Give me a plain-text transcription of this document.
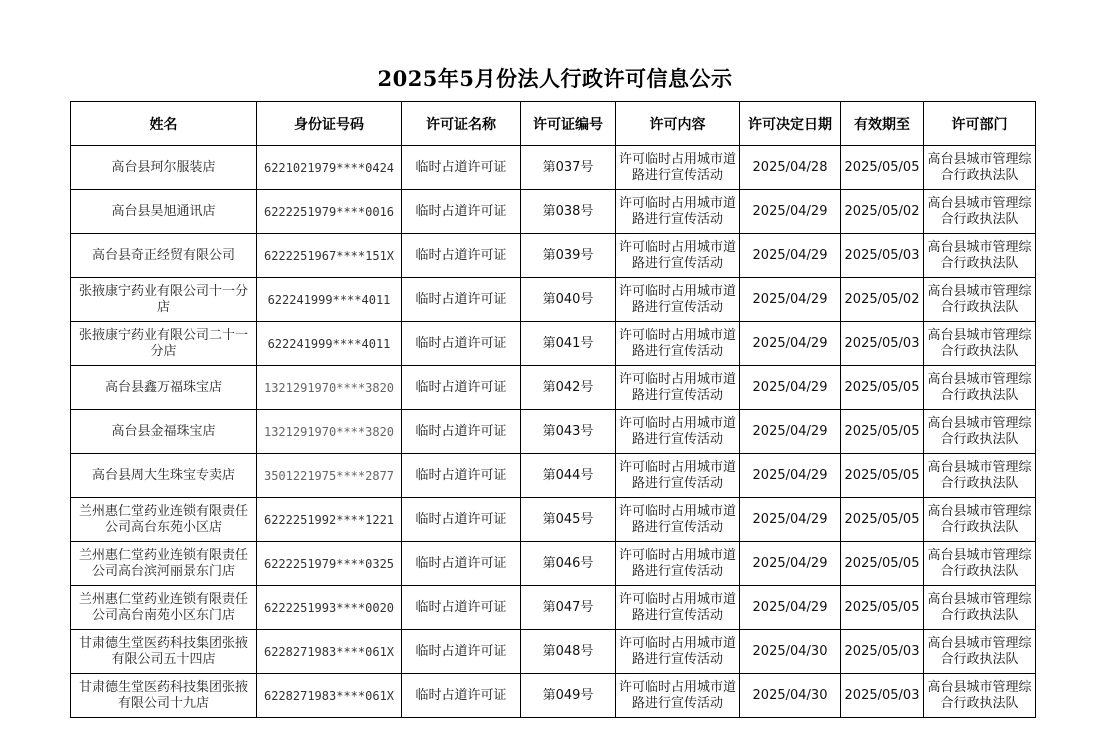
2025年5月份法人行政许可信息公示
姓名	身份证号码	许可证名称	许可证编号	许可内容	许可决定日期	有效期至	许可部门
高台县珂尔服装店	6221021979****0424	临时占道许可证	第037号	许可临时占用城市道路进行宣传活动	2025/04/28	2025/05/05	高台县城市管理综合行政执法队
高台县昊旭通讯店	6222251979****0016	临时占道许可证	第038号	许可临时占用城市道路进行宣传活动	2025/04/29	2025/05/02	高台县城市管理综合行政执法队
高台县奇正经贸有限公司	6222251967****151X	临时占道许可证	第039号	许可临时占用城市道路进行宣传活动	2025/04/29	2025/05/03	高台县城市管理综合行政执法队
张掖康宁药业有限公司十一分店	622241999****4011	临时占道许可证	第040号	许可临时占用城市道路进行宣传活动	2025/04/29	2025/05/02	高台县城市管理综合行政执法队
张掖康宁药业有限公司二十一分店	622241999****4011	临时占道许可证	第041号	许可临时占用城市道路进行宣传活动	2025/04/29	2025/05/03	高台县城市管理综合行政执法队
高台县鑫万福珠宝店	1321291970****3820	临时占道许可证	第042号	许可临时占用城市道路进行宣传活动	2025/04/29	2025/05/05	高台县城市管理综合行政执法队
高台县金福珠宝店	1321291970****3820	临时占道许可证	第043号	许可临时占用城市道路进行宣传活动	2025/04/29	2025/05/05	高台县城市管理综合行政执法队
高台县周大生珠宝专卖店	3501221975****2877	临时占道许可证	第044号	许可临时占用城市道路进行宣传活动	2025/04/29	2025/05/05	高台县城市管理综合行政执法队
兰州惠仁堂药业连锁有限责任公司高台东苑小区店	6222251992****1221	临时占道许可证	第045号	许可临时占用城市道路进行宣传活动	2025/04/29	2025/05/05	高台县城市管理综合行政执法队
兰州惠仁堂药业连锁有限责任公司高台滨河丽景东门店	6222251979****0325	临时占道许可证	第046号	许可临时占用城市道路进行宣传活动	2025/04/29	2025/05/05	高台县城市管理综合行政执法队
兰州惠仁堂药业连锁有限责任公司高台南苑小区东门店	6222251993****0020	临时占道许可证	第047号	许可临时占用城市道路进行宣传活动	2025/04/29	2025/05/05	高台县城市管理综合行政执法队
甘肃德生堂医药科技集团张掖有限公司五十四店	6228271983****061X	临时占道许可证	第048号	许可临时占用城市道路进行宣传活动	2025/04/30	2025/05/03	高台县城市管理综合行政执法队
甘肃德生堂医药科技集团张掖有限公司十九店	6228271983****061X	临时占道许可证	第049号	许可临时占用城市道路进行宣传活动	2025/04/30	2025/05/03	高台县城市管理综合行政执法队
